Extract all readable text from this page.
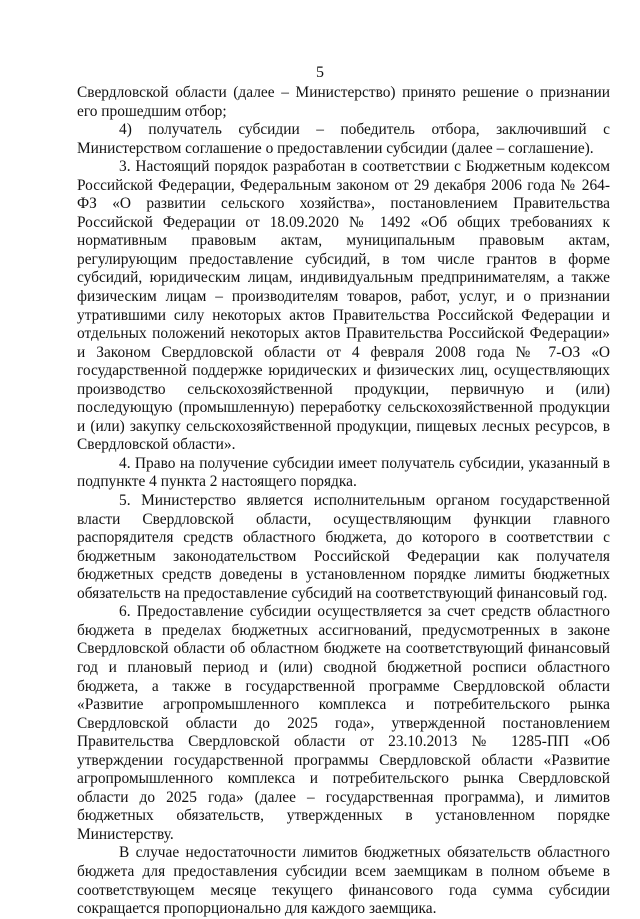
5

Свердловской области (далее – Министерство) принято решение о признании его прошедшим отбор;

4) получатель субсидии – победитель отбора, заключивший с Министерством соглашение о предоставлении субсидии (далее – соглашение).

3. Настоящий порядок разработан в соответствии с Бюджетным кодексом Российской Федерации, Федеральным законом от 29 декабря 2006 года № 264-ФЗ «О развитии сельского хозяйства», постановлением Правительства Российской Федерации от 18.09.2020 № 1492 «Об общих требованиях к нормативным правовым актам, муниципальным правовым актам, регулирующим предоставление субсидий, в том числе грантов в форме субсидий, юридическим лицам, индивидуальным предпринимателям, а также физическим лицам – производителям товаров, работ, услуг, и о признании утратившими силу некоторых актов Правительства Российской Федерации и отдельных положений некоторых актов Правительства Российской Федерации» и Законом Свердловской области от 4 февраля 2008 года № 7-ОЗ «О государственной поддержке юридических и физических лиц, осуществляющих производство сельскохозяйственной продукции, первичную и (или) последующую (промышленную) переработку сельскохозяйственной продукции и (или) закупку сельскохозяйственной продукции, пищевых лесных ресурсов, в Свердловской области».

4. Право на получение субсидии имеет получатель субсидии, указанный в подпункте 4 пункта 2 настоящего порядка.

5. Министерство является исполнительным органом государственной власти Свердловской области, осуществляющим функции главного распорядителя средств областного бюджета, до которого в соответствии с бюджетным законодательством Российской Федерации как получателя бюджетных средств доведены в установленном порядке лимиты бюджетных обязательств на предоставление субсидий на соответствующий финансовый год.

6. Предоставление субсидии осуществляется за счет средств областного бюджета в пределах бюджетных ассигнований, предусмотренных в законе Свердловской области об областном бюджете на соответствующий финансовый год и плановый период и (или) сводной бюджетной росписи областного бюджета, а также в государственной программе Свердловской области «Развитие агропромышленного комплекса и потребительского рынка Свердловской области до 2025 года», утвержденной постановлением Правительства Свердловской области от 23.10.2013 № 1285-ПП «Об утверждении государственной программы Свердловской области «Развитие агропромышленного комплекса и потребительского рынка Свердловской области до 2025 года» (далее – государственная программа), и лимитов бюджетных обязательств, утвержденных в установленном порядке Министерству.

В случае недостаточности лимитов бюджетных обязательств областного бюджета для предоставления субсидии всем заемщикам в полном объеме в соответствующем месяце текущего финансового года сумма субсидии сокращается пропорционально для каждого заемщика.
